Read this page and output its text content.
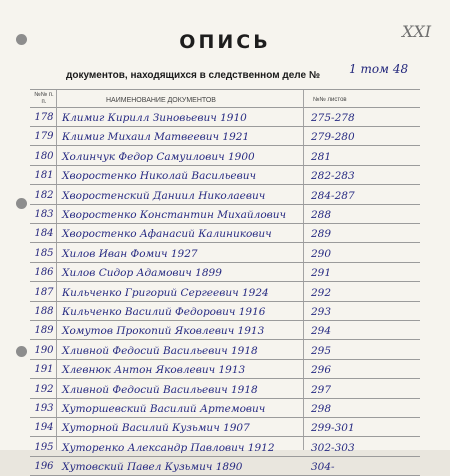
XXI
ОПИСЬ
документов, находящихся в следственном деле № 1 том 48
№№ п. п.	НАИМЕНОВАНИЕ ДОКУМЕНТОВ	№№ листов
178 Климиг Кирилл Зиновьевич 1910	275-278
179 Климиг Михаил Матвеевич 1921	279-280
180 Холинчук Федор Самуилович 1900	281
181 Хворостенко Николай Васильевич	282-283
182 Хворостенский Даниил Николаевич	284-287
183 Хворостенко Константин Михайлович 288
184 Хворостенко Афанасий Калиникович	289
185 Хилов Иван Фомич 1927	290
186 Хилов Сидор Адамович 1899	291
187 Кильченко Григорий Сергеевич 1924	292
188 Кильченко Василий Федорович 1916	293
189 Хомутов Прокопий Яковлевич 1913	294
190 Хливной Федосий Васильевич 1918	295
191 Хлевнюк Антон Яковлевич 1913	296
192 Хливной Федосий Васильевич 1918	297
193 Хуторшевский Василий Артемович	298
194 Хуторной Василий Кузьмич 1907	299-301
195 Хуторенко Александр Павлович 1912	302-303
196 Хутовский Павел Кузьмич 1890	304-
